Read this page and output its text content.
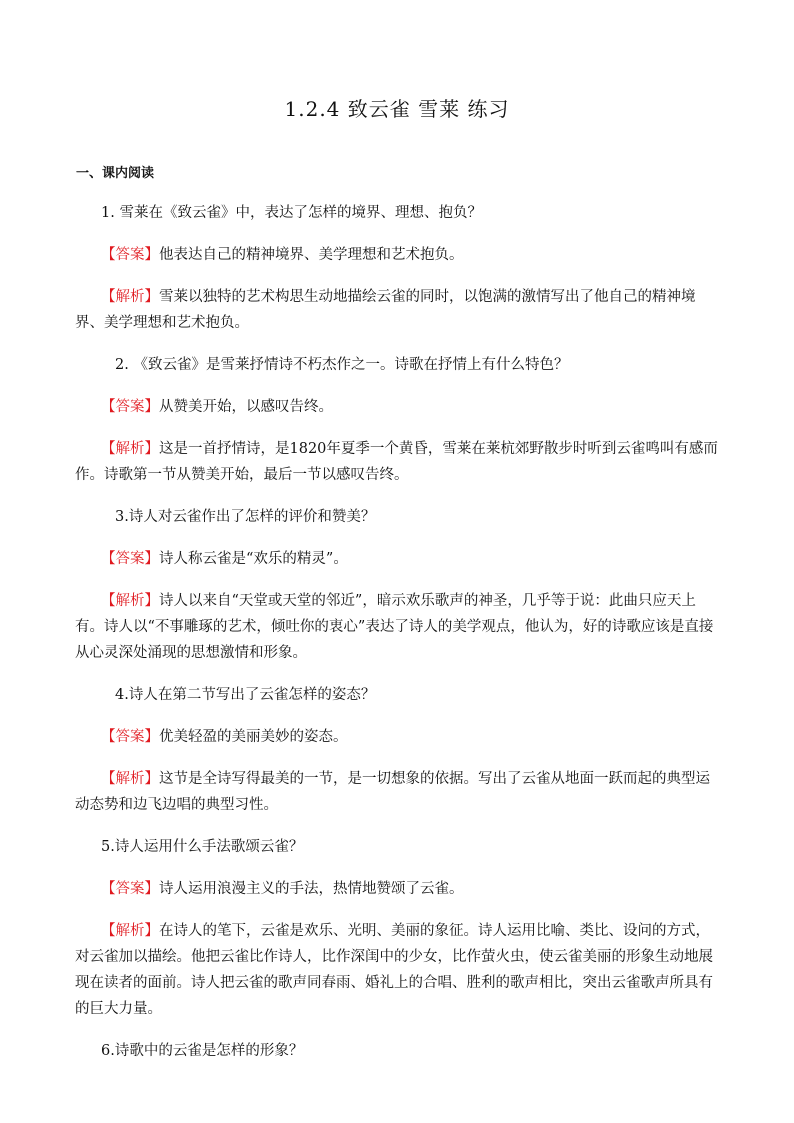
1.2.4 致云雀 雪莱 练习
一、课内阅读

1. 雪莱在《致云雀》中，表达了怎样的境界、理想、抱负？

【答案】他表达自己的精神境界、美学理想和艺术抱负。

【解析】雪莱以独特的艺术构思生动地描绘云雀的同时，以饱满的激情写出了他自己的精神境界、美学理想和艺术抱负。

2. 《致云雀》是雪莱抒情诗不朽杰作之一。诗歌在抒情上有什么特色？

【答案】从赞美开始，以感叹告终。

【解析】这是一首抒情诗，是1820年夏季一个黄昏，雪莱在莱杭郊野散步时听到云雀鸣叫有感而作。诗歌第一节从赞美开始，最后一节以感叹告终。

3.诗人对云雀作出了怎样的评价和赞美？

【答案】诗人称云雀是“欢乐的精灵”。

【解析】诗人以来自“天堂或天堂的邻近”，暗示欢乐歌声的神圣，几乎等于说：此曲只应天上有。诗人以“不事雕琢的艺术，倾吐你的衷心”表达了诗人的美学观点，他认为，好的诗歌应该是直接从心灵深处涌现的思想激情和形象。

4.诗人在第二节写出了云雀怎样的姿态？

【答案】优美轻盈的美丽美妙的姿态。

【解析】这节是全诗写得最美的一节，是一切想象的依据。写出了云雀从地面一跃而起的典型运动态势和边飞边唱的典型习性。

5.诗人运用什么手法歌颂云雀？

【答案】诗人运用浪漫主义的手法，热情地赞颂了云雀。

【解析】在诗人的笔下，云雀是欢乐、光明、美丽的象征。诗人运用比喻、类比、设问的方式，对云雀加以描绘。他把云雀比作诗人，比作深闺中的少女，比作萤火虫，使云雀美丽的形象生动地展现在读者的面前。诗人把云雀的歌声同春雨、婚礼上的合唱、胜利的歌声相比，突出云雀歌声所具有的巨大力量。

6.诗歌中的云雀是怎样的形象？
